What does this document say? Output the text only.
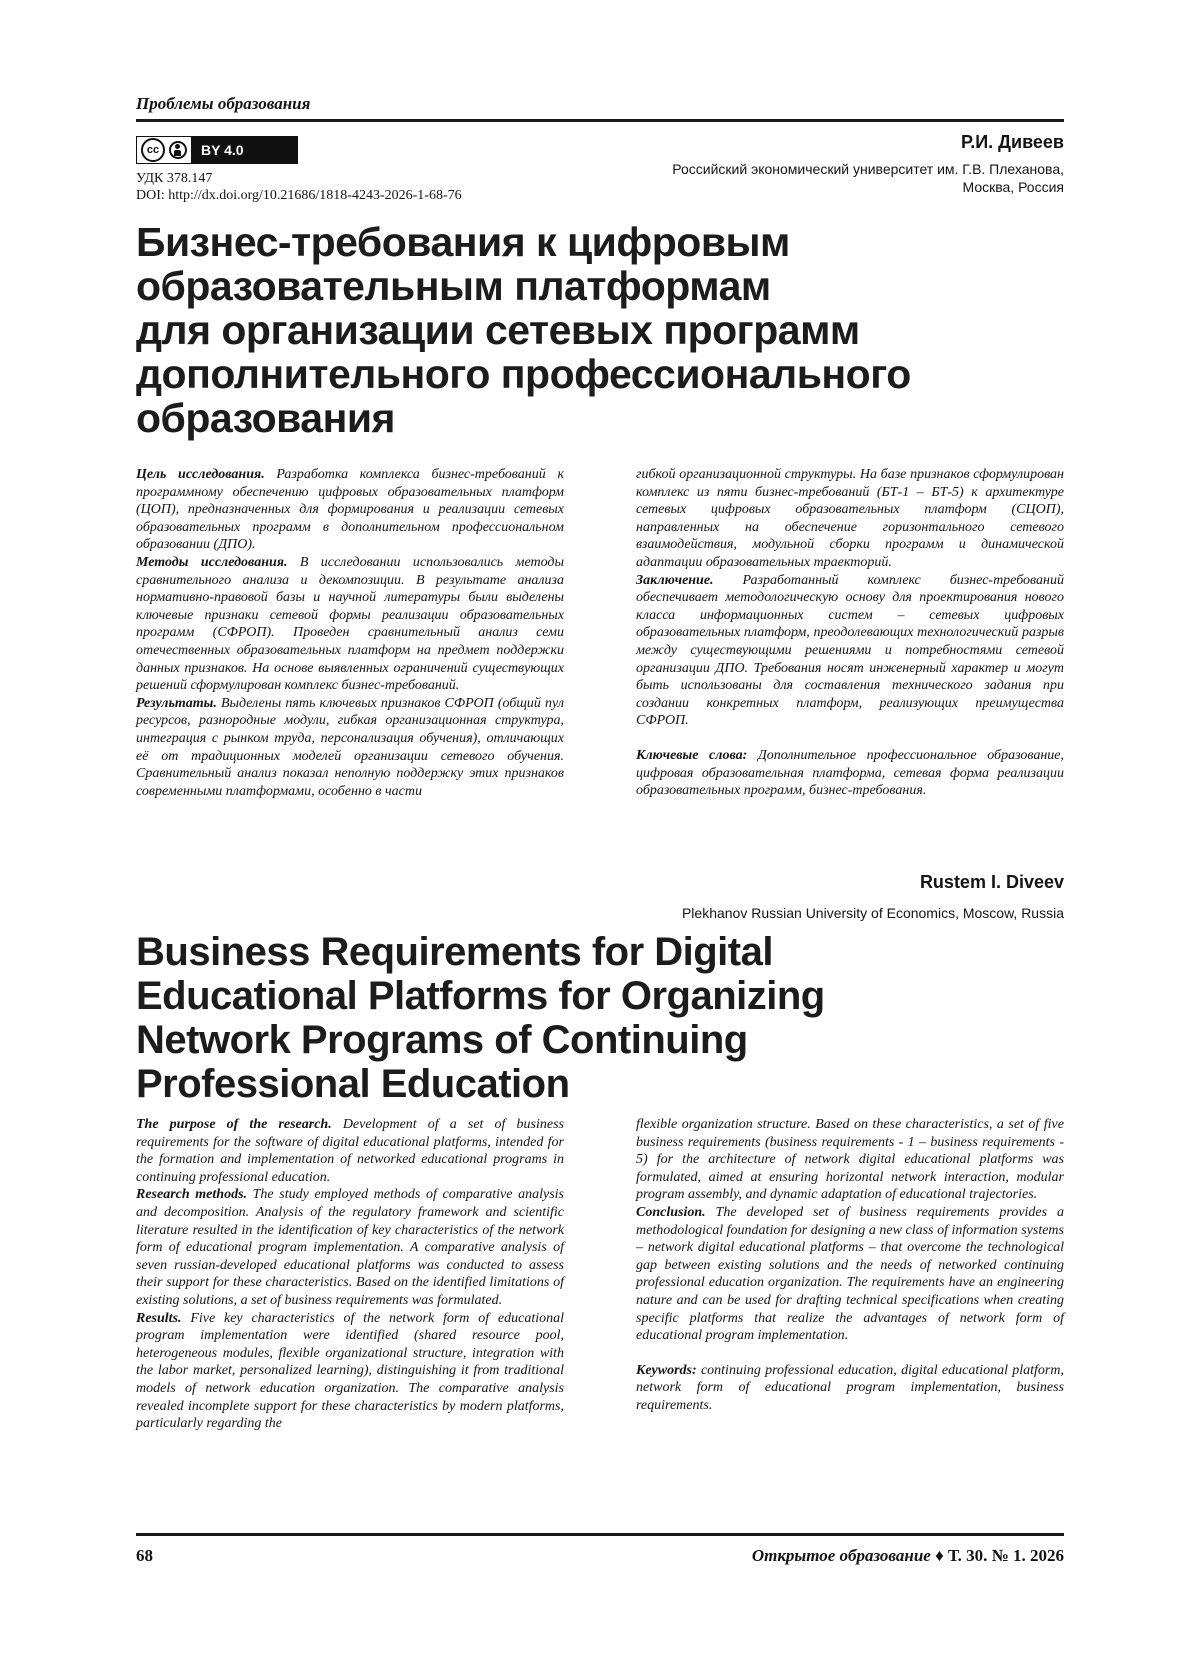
Проблемы образования
cc	BY 4.0
УДК 378.147
DOI: http://dx.doi.org/10.21686/1818-4243-2026-1-68-76
Р.И. Дивеев
Российский экономический университет им. Г.В. Плеханова,
Москва, Россия
Бизнес-требования к цифровым
образовательным платформам
для организации сетевых программ
дополнительного профессионального
образования

Цель исследования. Разработка комплекса бизнес-требований к программному обеспечению цифровых образовательных платформ (ЦОП), предназначенных для формирования и реализации сетевых образовательных программ в дополнительном профессиональном образовании (ДПО).

Методы исследования. В исследовании использовались методы сравнительного анализа и декомпозиции. В результате анализа нормативно-правовой базы и научной литературы были выделены ключевые признаки сетевой формы реализации образовательных программ (СФРОП). Проведен сравнительный анализ семи отечественных образовательных платформ на предмет поддержки данных признаков. На основе выявленных ограничений существующих решений сформулирован комплекс бизнес-требований.

Результаты. Выделены пять ключевых признаков СФРОП (общий пул ресурсов, разнородные модули, гибкая организационная структура, интеграция с рынком труда, персонализация обучения), отличающих её от традиционных моделей организации сетевого обучения. Сравнительный анализ показал неполную поддержку этих признаков современными платформами, особенно в части

гибкой организационной структуры. На базе признаков сформулирован комплекс из пяти бизнес-требований (БТ-1 – БТ-5) к архитектуре сетевых цифровых образовательных платформ (СЦОП), направленных на обеспечение горизонтального сетевого взаимодействия, модульной сборки программ и динамической адаптации образовательных траекторий.

Заключение. Разработанный комплекс бизнес-требований обеспечивает методологическую основу для проектирования нового класса информационных систем – сетевых цифровых образовательных платформ, преодолевающих технологический разрыв между существующими решениями и потребностями сетевой организации ДПО. Требования носят инженерный характер и могут быть использованы для составления технического задания при создании конкретных платформ, реализующих преимущества СФРОП.

Ключевые слова: Дополнительное профессиональное образование, цифровая образовательная платформа, сетевая форма реализации образовательных программ, бизнес-требования.

Rustem I. Diveev
Plekhanov Russian University of Economics, Moscow, Russia
Business Requirements for Digital
Educational Platforms for Organizing
Network Programs of Continuing
Professional Education

The purpose of the research. Development of a set of business requirements for the software of digital educational platforms, intended for the formation and implementation of networked educational programs in continuing professional education.

Research methods. The study employed methods of comparative analysis and decomposition. Analysis of the regulatory framework and scientific literature resulted in the identification of key characteristics of the network form of educational program implementation. A comparative analysis of seven russian-developed educational platforms was conducted to assess their support for these characteristics. Based on the identified limitations of existing solutions, a set of business requirements was formulated.

Results. Five key characteristics of the network form of educational program implementation were identified (shared resource pool, heterogeneous modules, flexible organizational structure, integration with the labor market, personalized learning), distinguishing it from traditional models of network education organization. The comparative analysis revealed incomplete support for these characteristics by modern platforms, particularly regarding the

flexible organization structure. Based on these characteristics, a set of five business requirements (business requirements - 1 – business requirements - 5) for the architecture of network digital educational platforms was formulated, aimed at ensuring horizontal network interaction, modular program assembly, and dynamic adaptation of educational trajectories.

Conclusion. The developed set of business requirements provides a methodological foundation for designing a new class of information systems – network digital educational platforms – that overcome the technological gap between existing solutions and the needs of networked continuing professional education organization. The requirements have an engineering nature and can be used for drafting technical specifications when creating specific platforms that realize the advantages of network form of educational program implementation.

Keywords: continuing professional education, digital educational platform, network form of educational program implementation, business requirements.

68	Открытое образование ♦ Т. 30. № 1. 2026
